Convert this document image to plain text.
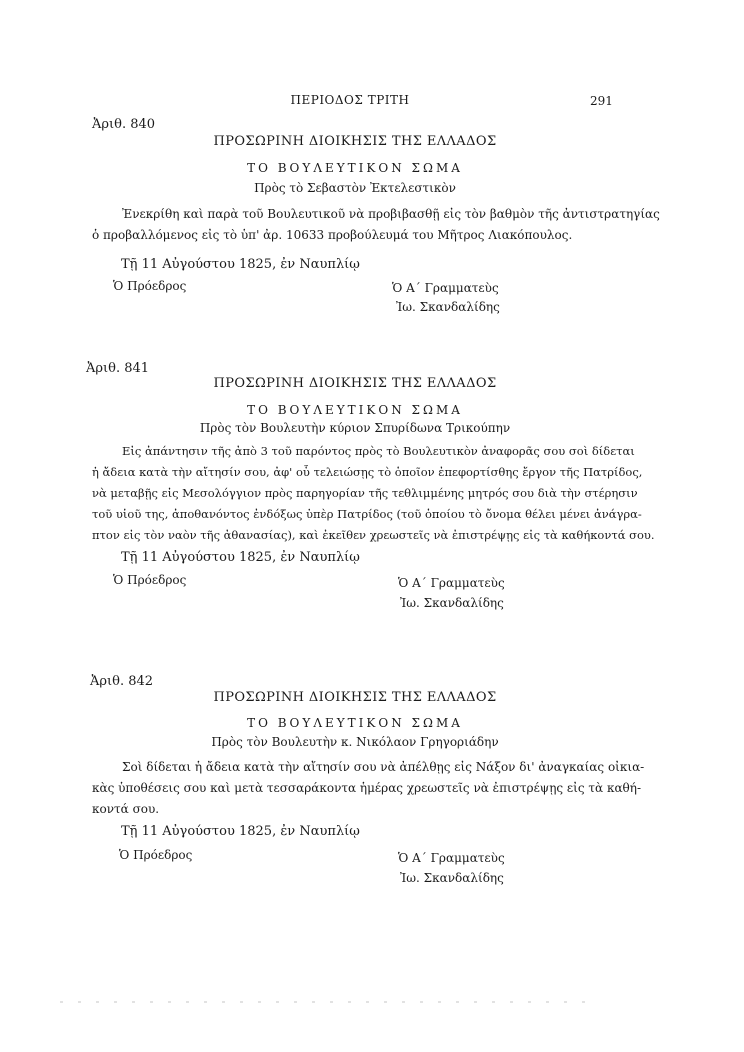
ΠΕΡΙΟΔΟΣ ΤΡΙΤΗ	291
Ἀριθ. 840
ΠΡΟΣΩΡΙΝΗ ΔΙΟΙΚΗΣΙΣ ΤΗΣ ΕΛΛΑΔΟΣ
ΤΟ ΒΟΥΛΕΥΤΙΚΟΝ ΣΩΜΑ
Πρὸς τὸ Σεβαστὸν Ἐκτελεστικὸν
Ἐνεκρίθη καὶ παρὰ τοῦ Βουλευτικοῦ νὰ προβιβασθῇ εἰς τὸν βαθμὸν τῆς ἀντιστρατηγίας
ὁ προβαλλόμενος εἰς τὸ ὑπ' ἀρ. 10633 προβούλευμά του Μῆτρος Λιακόπουλος.
Τῇ 11 Αὐγούστου 1825, ἐν Ναυπλίῳ
Ὁ Πρόεδρος	Ὁ Α΄ Γραμματεὺς
Ἰω. Σκανδαλίδης
Ἀριθ. 841
ΠΡΟΣΩΡΙΝΗ ΔΙΟΙΚΗΣΙΣ ΤΗΣ ΕΛΛΑΔΟΣ
ΤΟ ΒΟΥΛΕΥΤΙΚΟΝ ΣΩΜΑ
Πρὸς τὸν Βουλευτὴν κύριον Σπυρίδωνα Τρικούπην
Εἰς ἀπάντησιν τῆς ἀπὸ 3 τοῦ παρόντος πρὸς τὸ Βουλευτικὸν ἀναφορᾶς σου σοὶ δίδεται
ἡ ἄδεια κατὰ τὴν αἴτησίν σου, ἀφ' οὗ τελειώσῃς τὸ ὁποῖον ἐπεφορτίσθης ἔργον τῆς Πατρίδος,
νὰ μεταβῇς εἰς Μεσολόγγιον πρὸς παρηγορίαν τῆς τεθλιμμένης μητρός σου διὰ τὴν στέρησιν
τοῦ υἱοῦ της, ἀποθανόντος ἐνδόξως ὑπὲρ Πατρίδος (τοῦ ὁποίου τὸ ὄνομα θέλει μένει ἀνάγρα-
πτον εἰς τὸν ναὸν τῆς ἀθανασίας), καὶ ἐκεῖθεν χρεωστεῖς νὰ ἐπιστρέψῃς εἰς τὰ καθήκοντά σου.
Τῇ 11 Αὐγούστου 1825, ἐν Ναυπλίῳ
Ὁ Πρόεδρος	Ὁ Α΄ Γραμματεὺς
Ἰω. Σκανδαλίδης
Ἀριθ. 842
ΠΡΟΣΩΡΙΝΗ ΔΙΟΙΚΗΣΙΣ ΤΗΣ ΕΛΛΑΔΟΣ
ΤΟ ΒΟΥΛΕΥΤΙΚΟΝ ΣΩΜΑ
Πρὸς τὸν Βουλευτὴν κ. Νικόλαον Γρηγοριάδην
Σοὶ δίδεται ἡ ἄδεια κατὰ τὴν αἴτησίν σου νὰ ἀπέλθῃς εἰς Νάξον δι' ἀναγκαίας οἰκια-
κὰς ὑποθέσεις σου καὶ μετὰ τεσσαράκοντα ἡμέρας χρεωστεῖς νὰ ἐπιστρέψῃς εἰς τὰ καθή-
κοντά σου.
Τῇ 11 Αὐγούστου 1825, ἐν Ναυπλίῳ
Ὁ Πρόεδρος	Ὁ Α΄ Γραμματεὺς
Ἰω. Σκανδαλίδης
